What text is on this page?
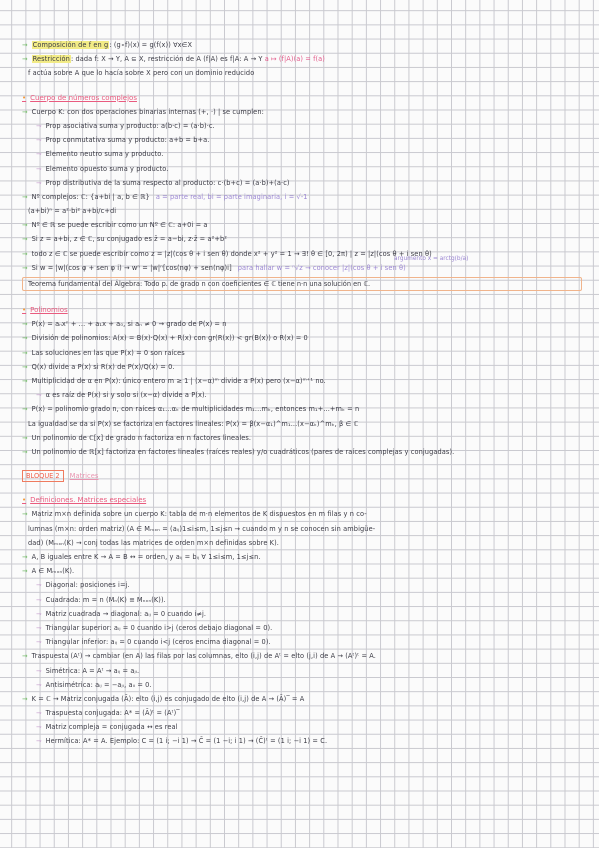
→ Composición de f en g: (g∘f)(x) = g(f(x)) ∀x∈X
→ Restricción: dada f: X → Y, A ⊆ X, restricción de A (f|A) es f|A: A → Y a ↦ (f|A)(a) = f(a)
f actúa sobre A que lo hacía sobre X pero con un dominio reducido
• Cuerpo de números complejos
→ Cuerpo K: con dos operaciones binarias internas (+, ·) | se cumplen:
⇁ Prop asociativa suma y producto: a(b·c) = (a·b)·c.
⇁ Prop conmutativa suma y producto: a+b = b+a.
⇁ Elemento neutro suma y producto.
⇁ Elemento opuesto suma y producto.
⇁ Prop distributiva de la suma respecto al producto: c·(b+c) = (a·b)+(a·c)
→ Nº complejos: ℂ: {a+bi | a, b ∈ ℝ} a = parte real, bi = parte imaginaria, i = √-1
(a+bi)ⁿ = a²·bi² a+bi/c+di
→ Nº ∈ ℝ se puede escribir como un Nº ∈ ℂ: a+0i = a
→ Si z = a+bi, z ∈ ℂ, su conjugado es z̄ = a−bi, z·z̄ = a²+b²
→ todo z ∈ ℂ se puede escribir como z = |z|(cos θ + i sen θ) donde x² + y² = 1 → ∃! θ ∈ [0, 2π) | z = |z|(cos θ + i sen θ)
→ Si w = |w|(cos φ + sen φ i) → wⁿ = |w|ⁿ[cos(nφ) + sen(nφ)i] para hallar w = ⁿ√z → conocer |z|(cos θ + i sen θ)
Teorema fundamental del Álgebra: Todo p. de grado n con coeficientes ∈ ℂ tiene n·n una solución en ℂ.
• Polinomios
→ P(x) = aₙxⁿ + ... + a₁x + a₀, si aₙ ≠ 0 → grado de P(x) = n
→ División de polinomios: A(x) = B(x)·Q(x) + R(x) con gr(R(x)) < gr(B(x)) o R(x) = 0
→ Las soluciones en las que P(x) = 0 son raíces
→ Q(x) divide a P(x) si R(x) de P(x)/Q(x) = 0.
→ Multiplicidad de α en P(x): único entero m ≥ 1 | (x−α)ᵐ divide a P(x) pero (x−α)ᵐ⁺¹ no.
⇁ α es raíz de P(x) si y solo si (x−α) divide a P(x).
→ P(x) = polinomio grado n, con raíces α₁...αₖ de multiplicidades m₁...mₖ, entonces m₁+...+mₖ = n
La igualdad se da si P(x) se factoriza en factores lineales: P(x) = β(x−α₁)^m₁...(x−αₖ)^mₖ, β ∈ ℂ
→ Un polinomio de ℂ[x] de grado n factoriza en n factores lineales.
→ Un polinomio de ℝ[x] factoriza en factores lineales (raíces reales) y/o cuadráticos (pares de raíces complejas y conjugadas).
BLOQUE 2 Matrices
• Definiciones. Matrices especiales
→ Matriz m×n definida sobre un cuerpo K: tabla de m·n elementos de K dispuestos en m filas y n co-
lumnas (m×n: orden matriz) (A ∈ Mₘₓₙ = (aᵢⱼ)1≤i≤m, 1≤j≤n → cuando m y n se conocen sin ambigüe-
dad) (Mₘₓₙ(K) → conj todas las matrices de orden m×n definidas sobre K).
→ A, B iguales entre K → A = B ↔ = orden, y aᵢⱼ = bᵢⱼ ∀ 1≤i≤m, 1≤j≤n.
→ A ∈ Mₘₓₙ(K).
⇁ Diagonal: posiciones i=j.
⇁ Cuadrada: m = n (Mₙ(K) ≡ Mₙₓₙ(K)).
⇁ Matriz cuadrada → diagonal: aᵢⱼ = 0 cuando i≠j.
⇁ Triangular superior: aᵢⱼ = 0 cuando i>j (ceros debajo diagonal = 0).
⇁ Triangular inferior: aᵢⱼ = 0 cuando i<j (ceros encima diagonal = 0).
→ Traspuesta (Aᵗ) → cambiar (en A) las filas por las columnas, elto (i,j) de Aᵗ = elto (j,i) de A → (Aᵗ)ᵗ = A.
⇁ Simétrica: A = Aᵗ → aᵢⱼ = aⱼᵢ.
⇁ Antisimétrica: aᵢⱼ = −aⱼᵢ, aᵢᵢ = 0.
→ K = ℂ → Matriz conjugada (Ā): elto (i,j) es conjugado de elto (i,j) de A → (Ā)‾ = A
⇁ Traspuesta conjugada: A* = (Ā)ᵗ = (Aᵗ)‾
⇁ Matriz compleja = conjugada ↔ es real
⇁ Hermítica: A* = A. Ejemplo: C = (1 i; −i 1) → C̄ = (1 −i; i 1) → (C̄)ᵗ = (1 i; −i 1) = C.
argumento x = arctg(b/a)
